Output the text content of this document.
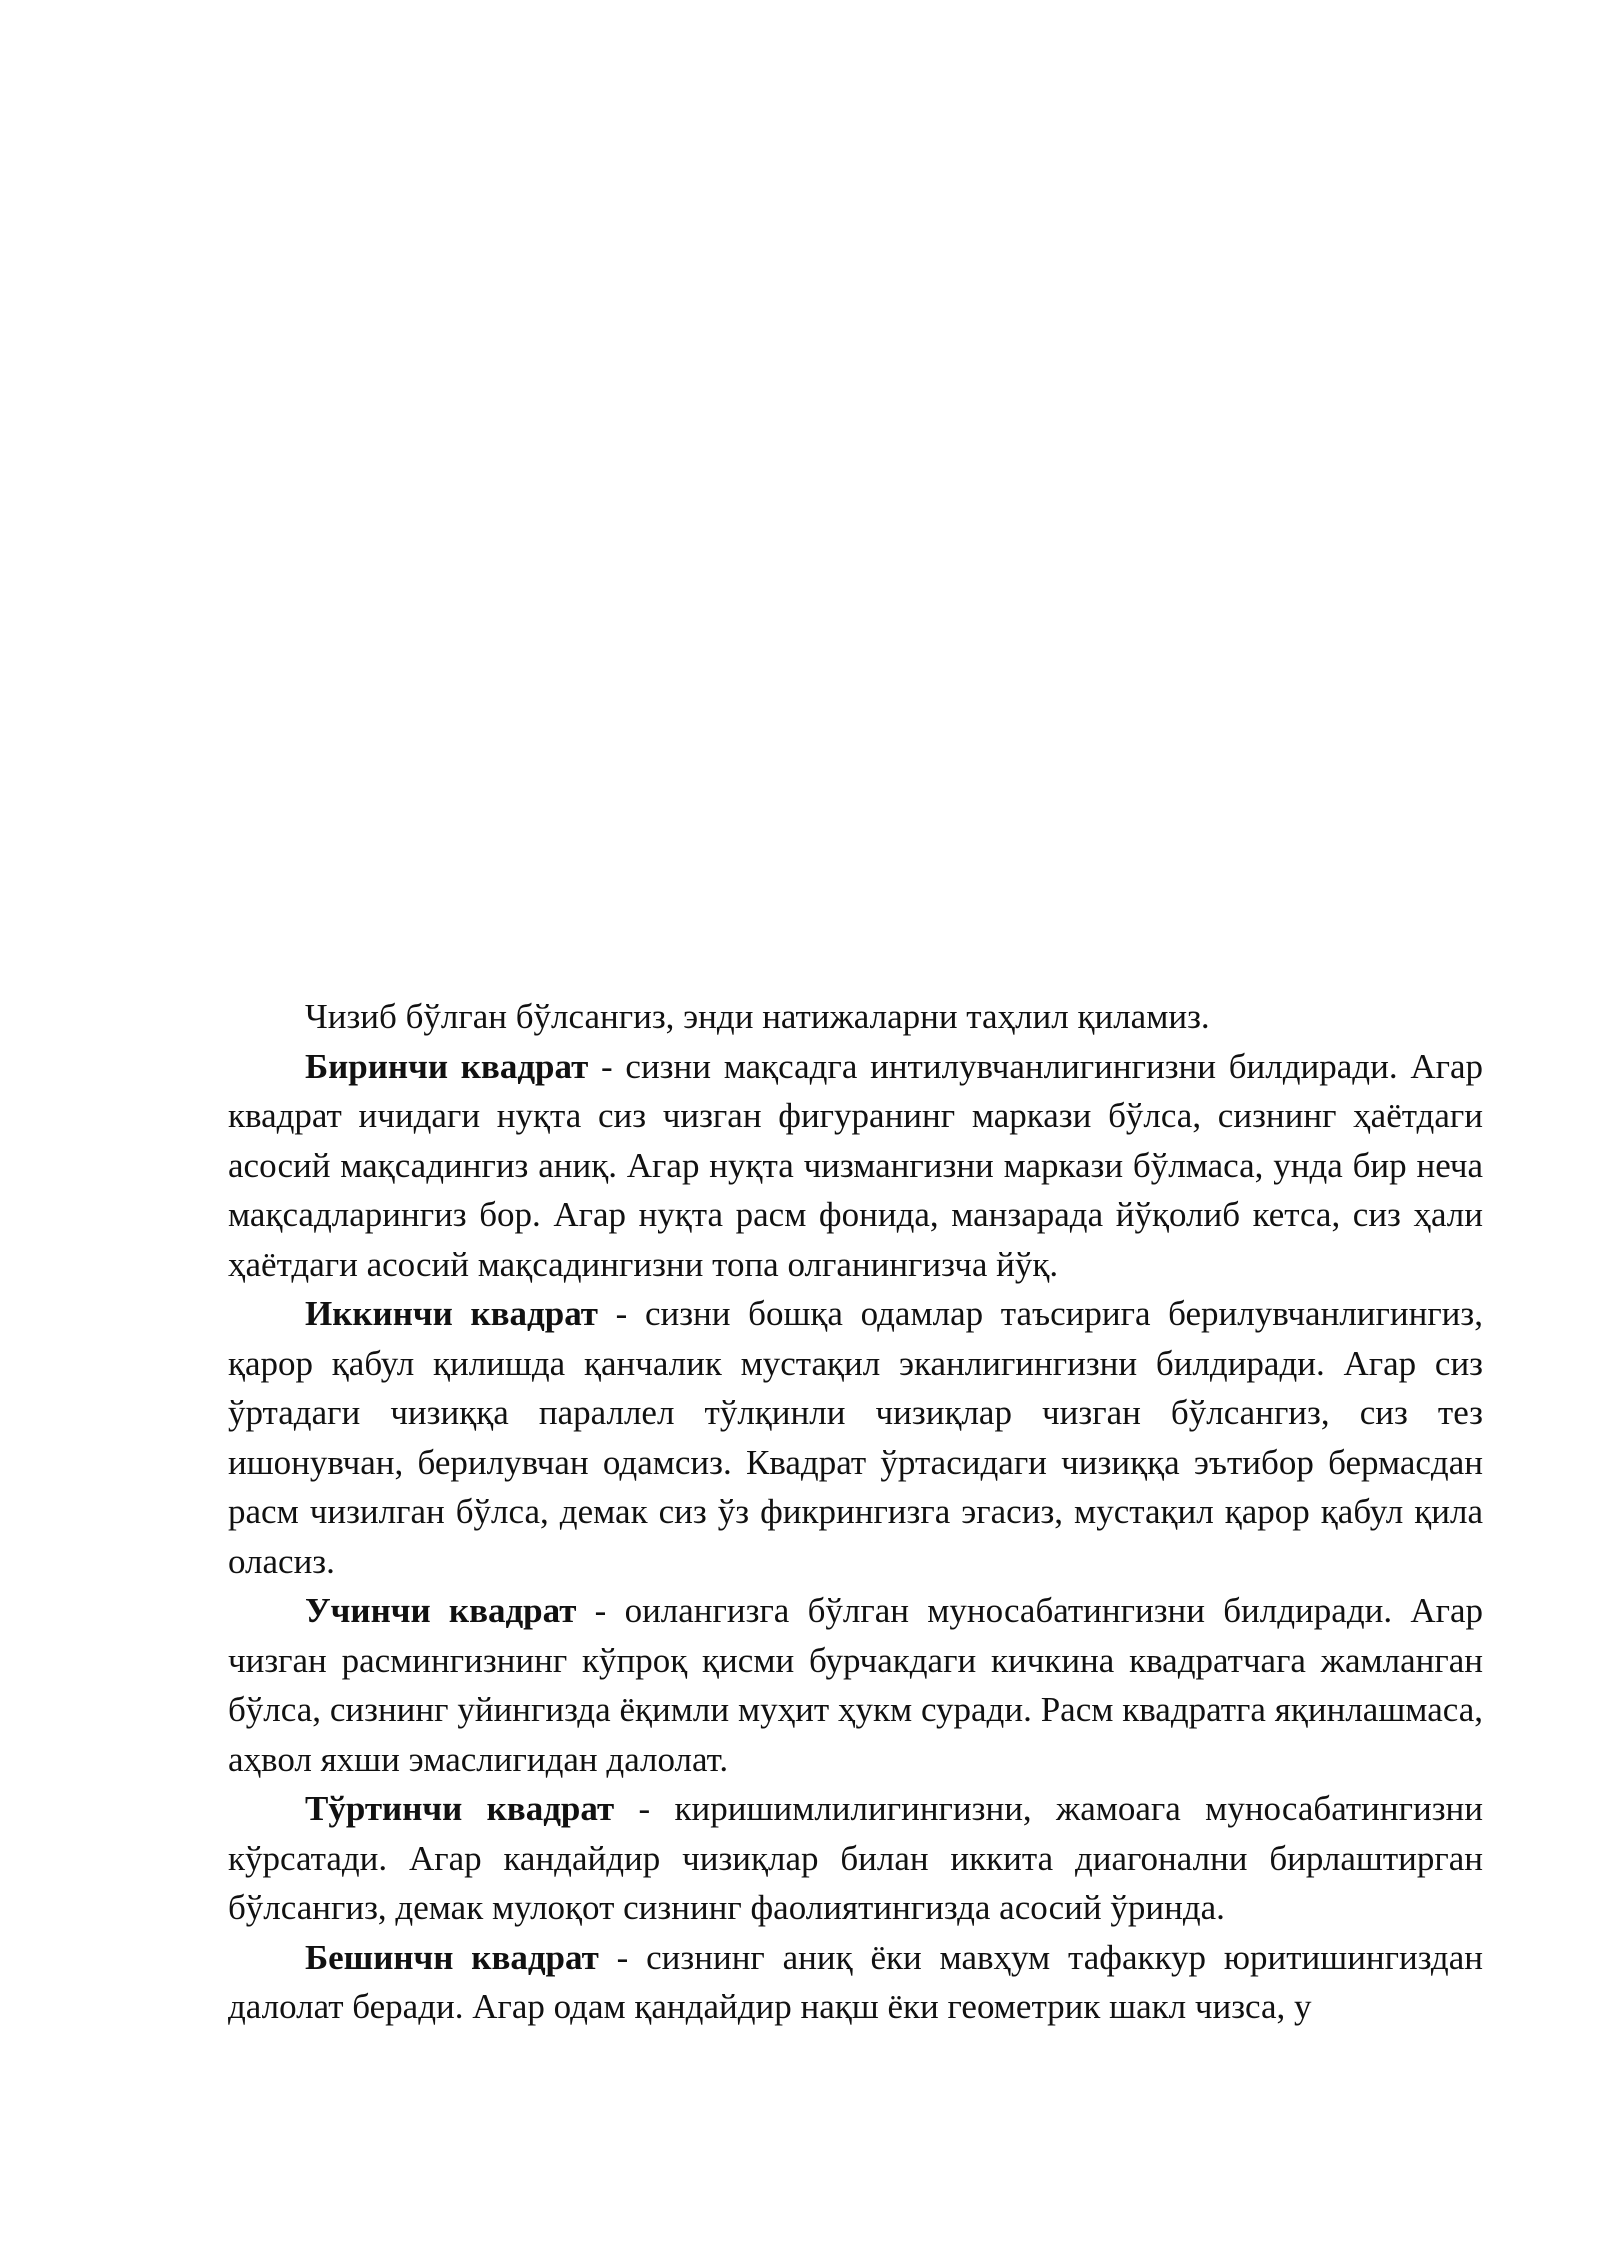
Чизиб бўлган бўлсангиз, энди натижаларни таҳлил қиламиз.

Биринчи квадрат - сизни мақсадга интилувчанлигингизни билдиради. Агар квадрат ичидаги нуқта сиз чизган фигуранинг маркази бўлса, сизнинг ҳаётдаги асосий мақсадингиз аниқ. Агар нуқта чизмангизни маркази бўлмаса, унда бир неча мақсадларингиз бор. Агар нуқта расм фонида, манзарада йўқолиб кетса, сиз ҳали ҳаётдаги асосий мақсадингизни топа олганингизча йўқ.

Иккинчи квадрат - сизни бошқа одамлар таъсирига берилувчанлигингиз, қарор қабул қилишда қанчалик мустақил эканлигингизни билдиради. Агар сиз ўртадаги чизиққа параллел тўлқинли чизиқлар чизган бўлсангиз, сиз тез ишонувчан, берилувчан одамсиз. Квадрат ўртасидаги чизиққа эътибор бермасдан расм чизилган бўлса, демак сиз ўз фикрингизга эгасиз, мустақил қарор қабул қила оласиз.

Учинчи квадрат - оилангизга бўлган муносабатингизни билдиради. Агар чизган расмингизнинг кўпроқ қисми бурчакдаги кичкина квадратчага жамланган бўлса, сизнинг уйингизда ёқимли муҳит ҳукм суради. Расм квадратга яқинлашмаса, аҳвол яхши эмаслигидан далолат.

Тўртинчи квадрат - киришимлилигингизни, жамоага муносабатингизни кўрсатади. Агар кандайдир чизиқлар билан иккита диагонални бирлаштирган бўлсангиз, демак мулоқот сизнинг фаолиятингизда асосий ўринда.

Бешинчн квадрат - сизнинг аниқ ёки мавҳум тафаккур юритишингиздан далолат беради. Агар одам қандайдир нақш ёки геометрик шакл чизса, у
